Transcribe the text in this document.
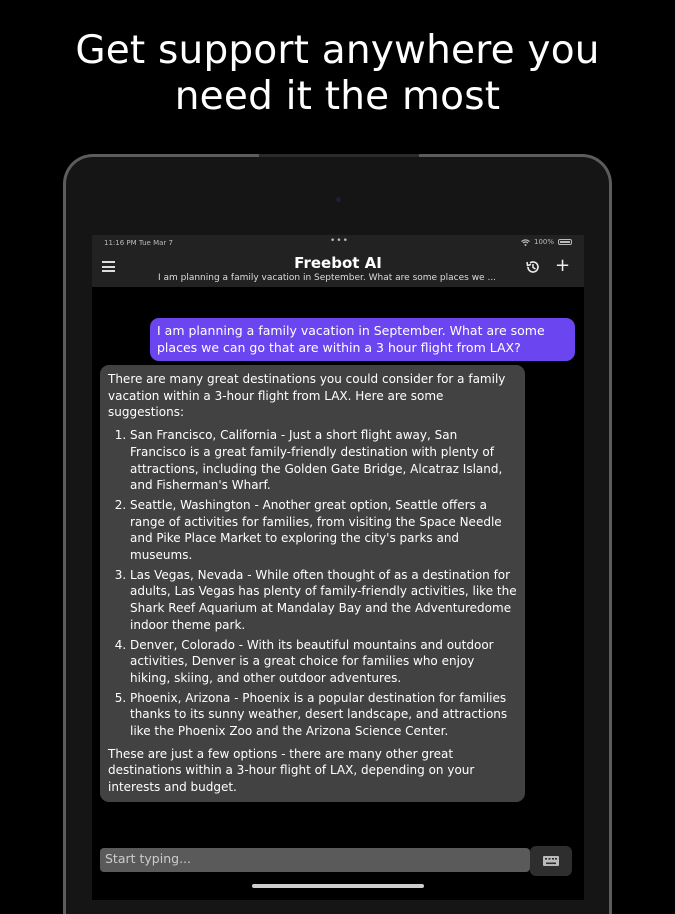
Get support anywhere you
need it the most
11:16 PM Tue Mar 7	•••	100%
Freebot AI
I am planning a family vacation in September. What are some places we ...
+
I am planning a family vacation in September. What are some places we can go that are within a 3 hour flight from LAX?

There are many great destinations you could consider for a family vacation within a 3-hour flight from LAX. Here are some suggestions:

1. San Francisco, California - Just a short flight away, San Francisco is a great family-friendly destination with plenty of attractions, including the Golden Gate Bridge, Alcatraz Island, and Fisherman's Wharf.
2. Seattle, Washington - Another great option, Seattle offers a range of activities for families, from visiting the Space Needle and Pike Place Market to exploring the city's parks and museums.
3. Las Vegas, Nevada - While often thought of as a destination for adults, Las Vegas has plenty of family-friendly activities, like the Shark Reef Aquarium at Mandalay Bay and the Adventuredome indoor theme park.
4. Denver, Colorado - With its beautiful mountains and outdoor activities, Denver is a great choice for families who enjoy hiking, skiing, and other outdoor adventures.
5. Phoenix, Arizona - Phoenix is a popular destination for families thanks to its sunny weather, desert landscape, and attractions like the Phoenix Zoo and the Arizona Science Center.

These are just a few options - there are many other great destinations within a 3-hour flight of LAX, depending on your interests and budget.

Start typing...
